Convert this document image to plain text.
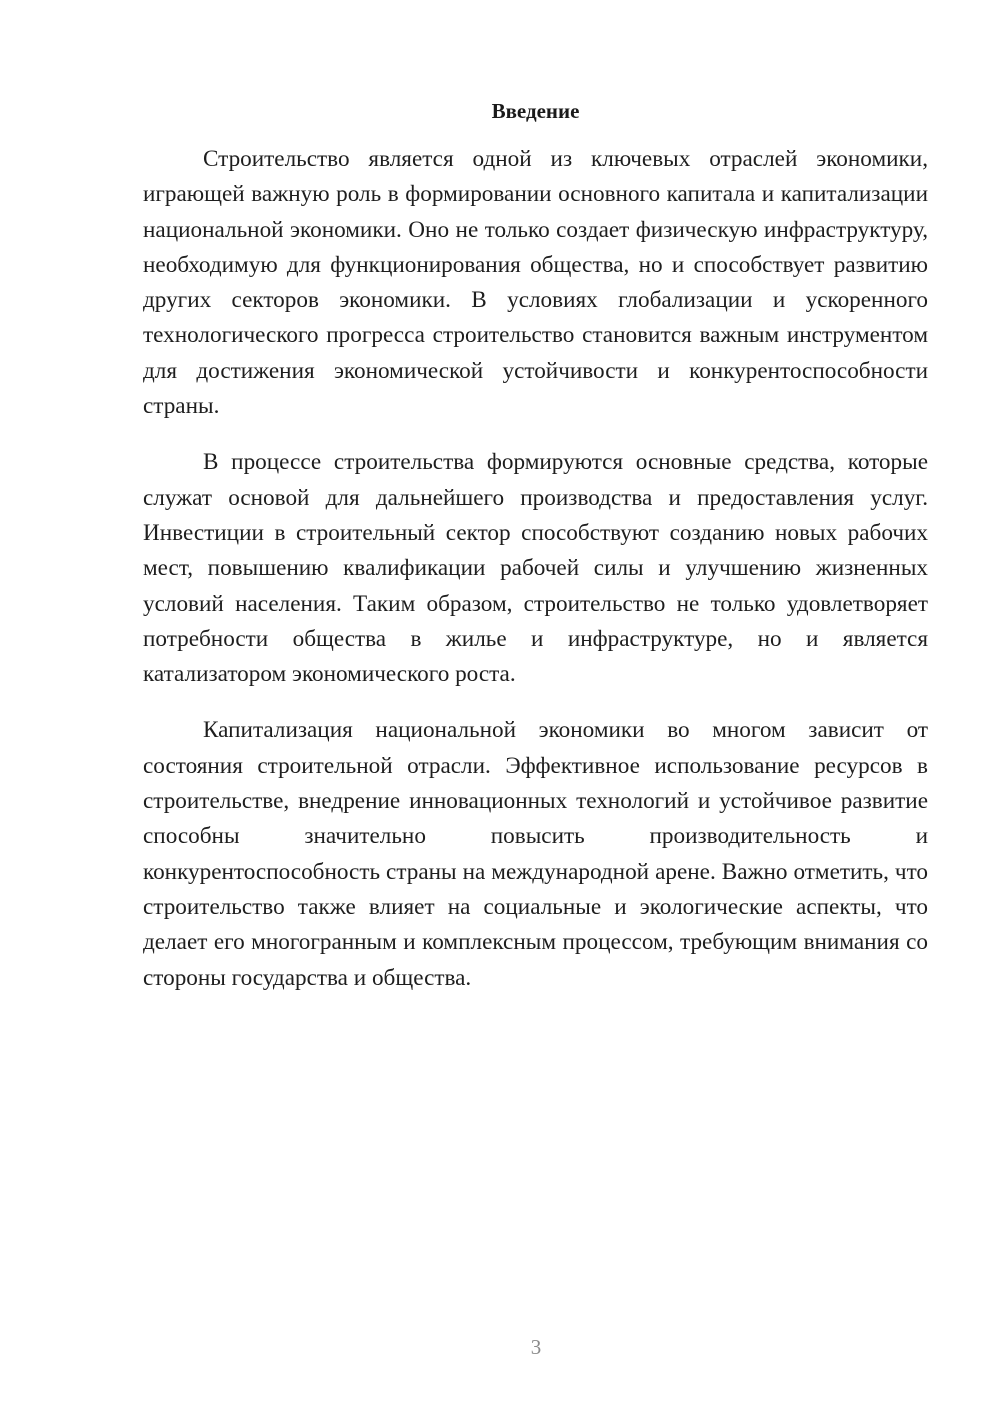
Введение

Строительство является одной из ключевых отраслей экономики, играющей важную роль в формировании основного капитала и капитализации национальной экономики. Оно не только создает физическую инфраструктуру, необходимую для функционирования общества, но и способствует развитию других секторов экономики. В условиях глобализации и ускоренного технологического прогресса строительство становится важным инструментом для достижения экономической устойчивости и конкурентоспособности страны.

В процессе строительства формируются основные средства, которые служат основой для дальнейшего производства и предоставления услуг. Инвестиции в строительный сектор способствуют созданию новых рабочих мест, повышению квалификации рабочей силы и улучшению жизненных условий населения. Таким образом, строительство не только удовлетворяет потребности общества в жилье и инфраструктуре, но и является катализатором экономического роста.

Капитализация национальной экономики во многом зависит от состояния строительной отрасли. Эффективное использование ресурсов в строительстве, внедрение инновационных технологий и устойчивое развитие способны значительно повысить производительность и конкурентоспособность страны на международной арене. Важно отметить, что строительство также влияет на социальные и экологические аспекты, что делает его многогранным и комплексным процессом, требующим внимания со стороны государства и общества.

3
